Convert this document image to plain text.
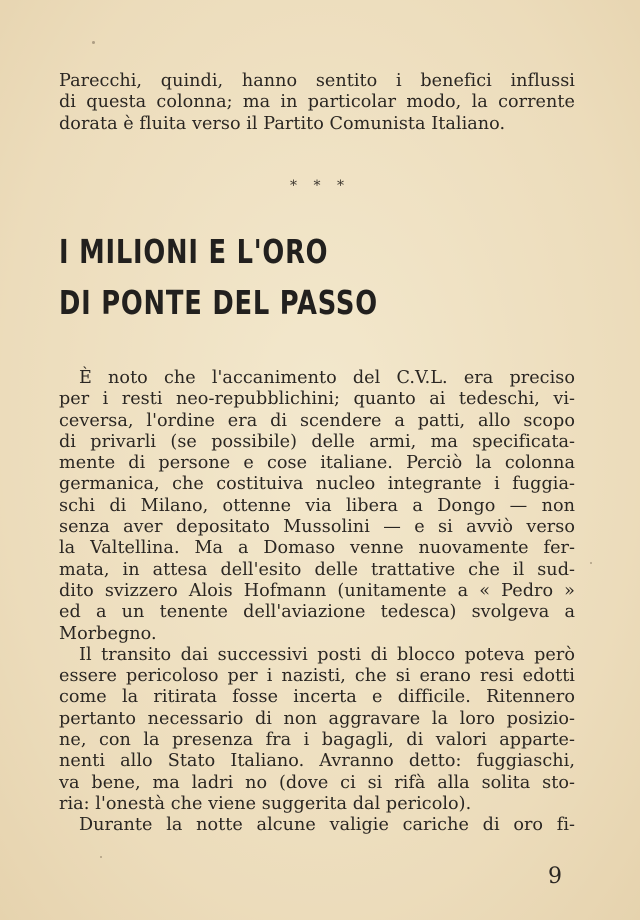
Parecchi, quindi, hanno sentito i benefici influssi
di questa colonna; ma in particolar modo, la corrente
dorata è fluita verso il Partito Comunista Italiano.
* * *
I MILIONI E L'ORO
DI PONTE DEL PASSO
È noto che l'accanimento del C.V.L. era preciso
per i resti neo-repubblichini; quanto ai tedeschi, vi-
ceversa, l'ordine era di scendere a patti, allo scopo
di privarli (se possibile) delle armi, ma specificata-
mente di persone e cose italiane. Perciò la colonna
germanica, che costituiva nucleo integrante i fuggia-
schi di Milano, ottenne via libera a Dongo — non
senza aver depositato Mussolini — e si avviò verso
la Valtellina. Ma a Domaso venne nuovamente fer-
mata, in attesa dell'esito delle trattative che il sud-
dito svizzero Alois Hofmann (unitamente a « Pedro »
ed a un tenente dell'aviazione tedesca) svolgeva a
Morbegno.
Il transito dai successivi posti di blocco poteva però
essere pericoloso per i nazisti, che si erano resi edotti
come la ritirata fosse incerta e difficile. Ritennero
pertanto necessario di non aggravare la loro posizio-
ne, con la presenza fra i bagagli, di valori apparte-
nenti allo Stato Italiano. Avranno detto: fuggiaschi,
va bene, ma ladri no (dove ci si rifà alla solita sto-
ria: l'onestà che viene suggerita dal pericolo).
Durante la notte alcune valigie cariche di oro fi-
9
